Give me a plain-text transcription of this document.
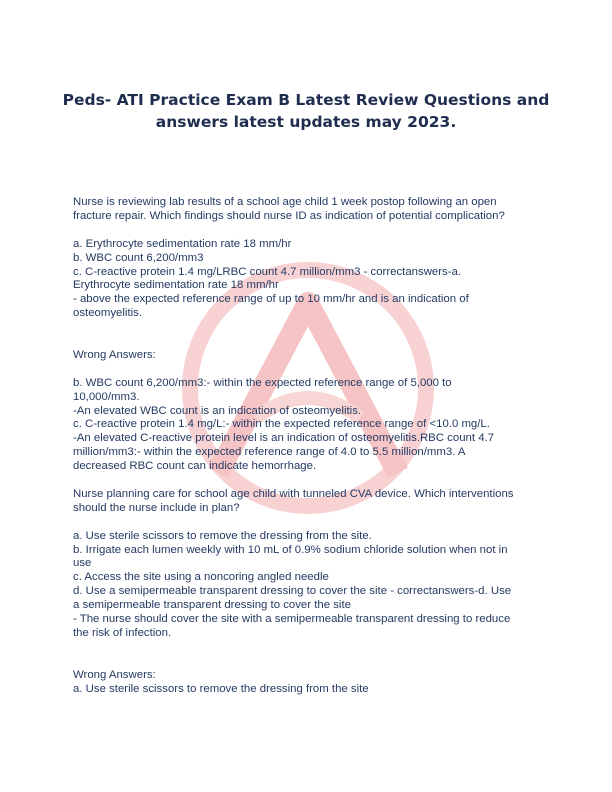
Peds- ATI Practice Exam B Latest Review Questions and
answers latest updates may 2023.

Nurse is reviewing lab results of a school age child 1 week postop following an open

fracture repair. Which findings should nurse ID as indication of potential complication?

a. Erythrocyte sedimentation rate 18 mm/hr

b. WBC count 6,200/mm3

c. C-reactive protein 1.4 mg/LRBC count 4.7 million/mm3 - correctanswers-a.

Erythrocyte sedimentation rate 18 mm/hr

- above the expected reference range of up to 10 mm/hr and is an indication of

osteomyelitis.

Wrong Answers:

b. WBC count 6,200/mm3:- within the expected reference range of 5,000 to

10,000/mm3.

-An elevated WBC count is an indication of osteomyelitis.

c. C-reactive protein 1.4 mg/L:- within the expected reference range of <10.0 mg/L.

-An elevated C-reactive protein level is an indication of osteomyelitis.RBC count 4.7

million/mm3:- within the expected reference range of 4.0 to 5.5 million/mm3. A

decreased RBC count can indicate hemorrhage.

Nurse planning care for school age child with tunneled CVA device. Which interventions

should the nurse include in plan?

a. Use sterile scissors to remove the dressing from the site.

b. Irrigate each lumen weekly with 10 mL of 0.9% sodium chloride solution when not in

use

c. Access the site using a noncoring angled needle

d. Use a semipermeable transparent dressing to cover the site - correctanswers-d. Use

a semipermeable transparent dressing to cover the site

- The nurse should cover the site with a semipermeable transparent dressing to reduce

the risk of infection.

Wrong Answers:

a. Use sterile scissors to remove the dressing from the site
